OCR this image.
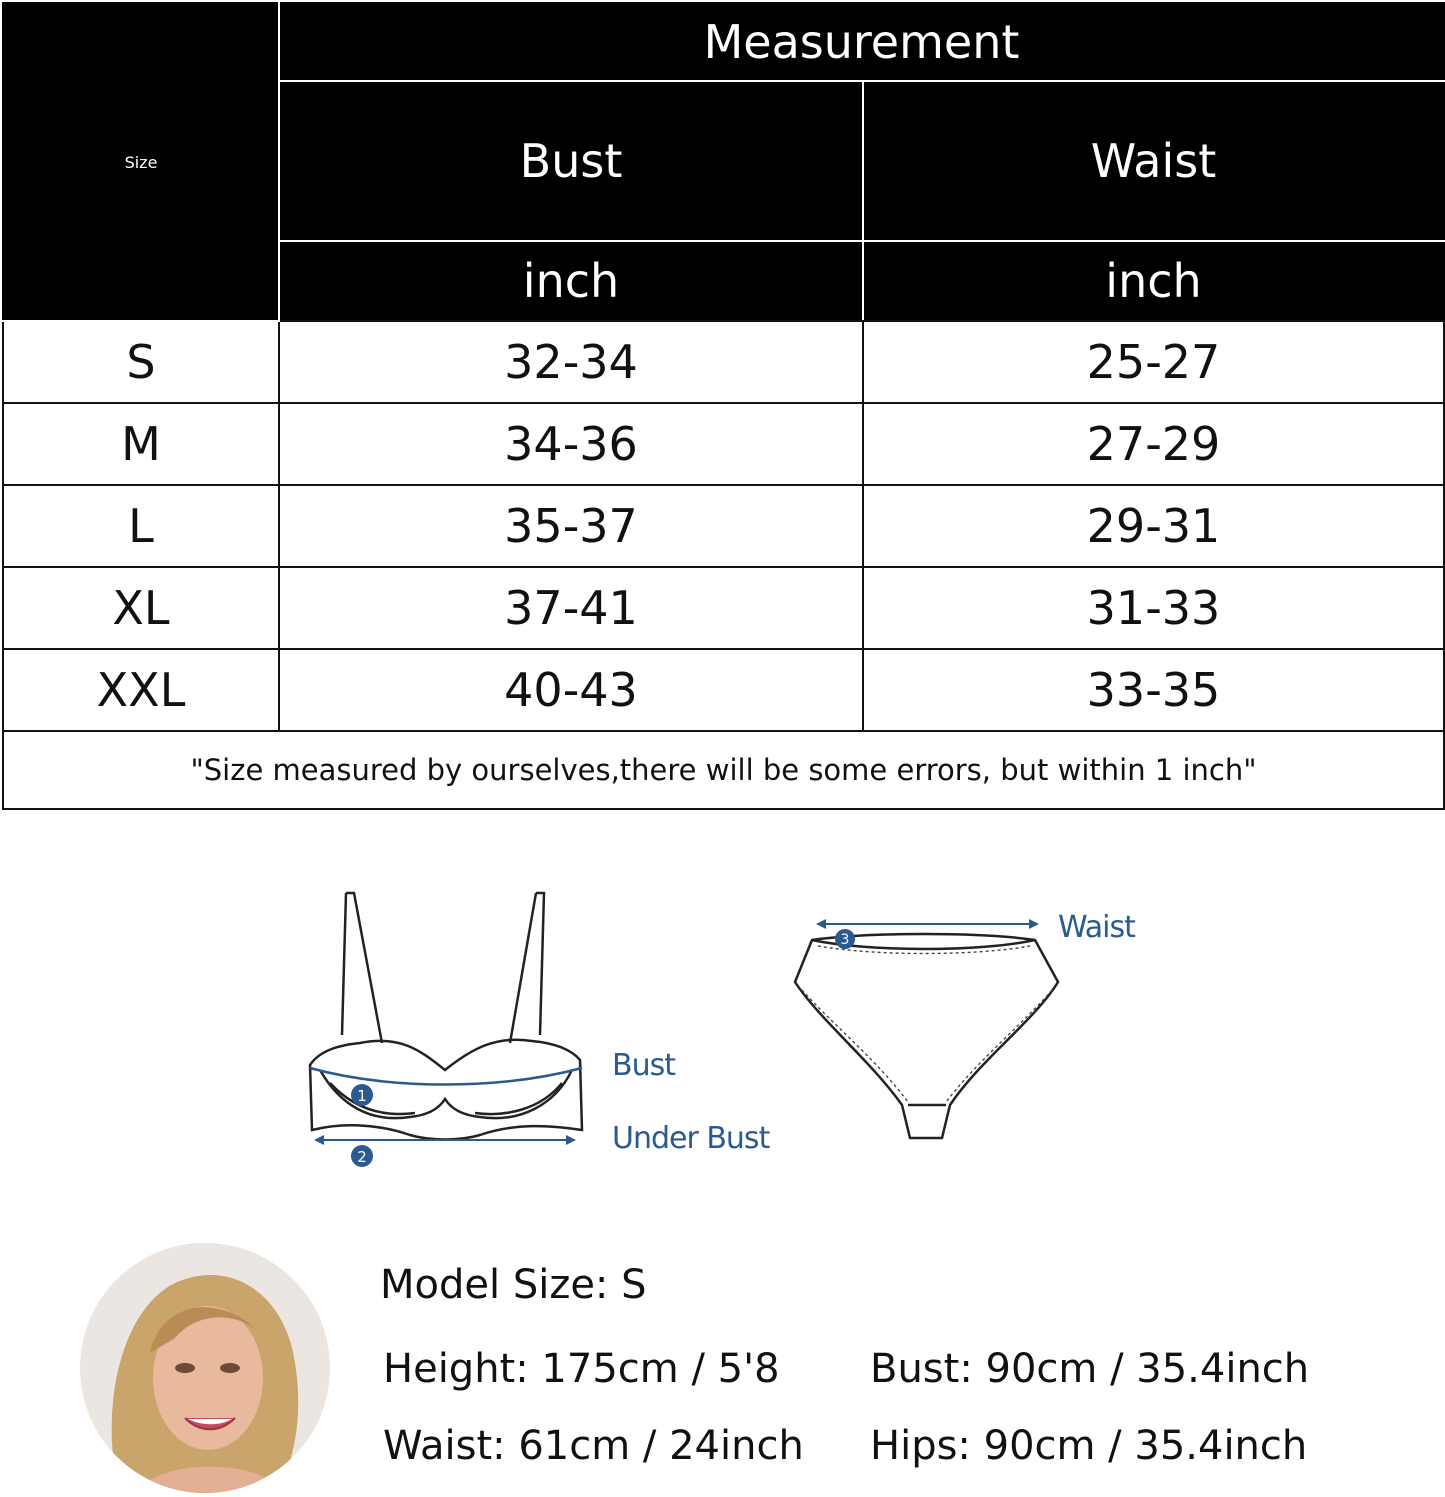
Size	Measurement	
	Bust	Waist
	inch	inch
S	32-34	25-27
M	34-36	27-29
L	35-37	29-31
XL	37-41	31-33
XXL	40-43	33-35
"Size measured by ourselves,there will be some errors, but within 1 inch"		
1
2
Bust
Under Bust
3	Waist
Model Size: S
Height: 175cm / 5'8 Bust: 90cm / 35.4inch
Waist: 61cm / 24inch Hips: 90cm / 35.4inch
